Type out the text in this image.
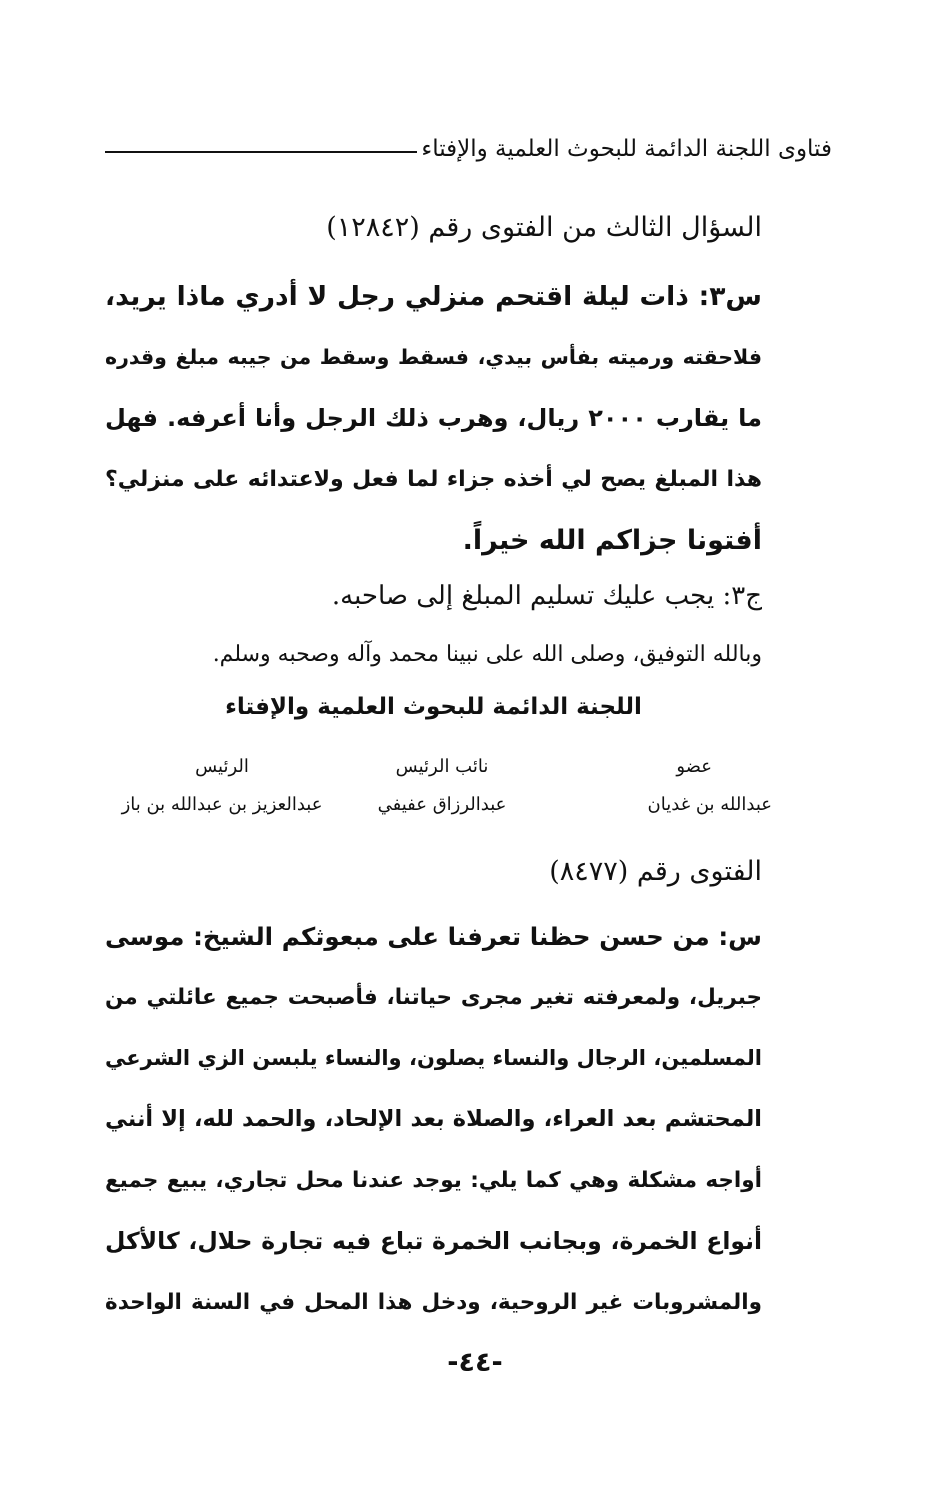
فتاوى اللجنة الدائمة للبحوث العلمية والإفتاء
السؤال الثالث من الفتوى رقم (١٢٨٤٢)
س٣: ذات ليلة اقتحم منزلي رجل لا أدري ماذا يريد،
فلاحقته ورميته بفأس بيدي، فسقط وسقط من جيبه مبلغ وقدره
ما يقارب ٢٠٠٠ ريال، وهرب ذلك الرجل وأنا أعرفه. فهل
هذا المبلغ يصح لي أخذه جزاء لما فعل ولاعتدائه على منزلي؟
أفتونا جزاكم الله خيراً.
ج٣: يجب عليك تسليم المبلغ إلى صاحبه.
وبالله التوفيق، وصلى الله على نبينا محمد وآله وصحبه وسلم.
اللجنة الدائمة للبحوث العلمية والإفتاء
عضو
عبدالله بن غديان
نائب الرئيس
عبدالرزاق عفيفي
الرئيس
عبدالعزيز بن عبدالله بن باز
الفتوى رقم (٨٤٧٧)
س: من حسن حظنا تعرفنا على مبعوثكم الشيخ: موسى
جبريل، ولمعرفته تغير مجرى حياتنا، فأصبحت جميع عائلتي من
المسلمين، الرجال والنساء يصلون، والنساء يلبسن الزي الشرعي
المحتشم بعد العراء، والصلاة بعد الإلحاد، والحمد لله، إلا أنني
أواجه مشكلة وهي كما يلي: يوجد عندنا محل تجاري، يبيع جميع
أنواع الخمرة، وبجانب الخمرة تباع فيه تجارة حلال، كالأكل
والمشروبات غير الروحية، ودخل هذا المحل في السنة الواحدة
-٤٤-
